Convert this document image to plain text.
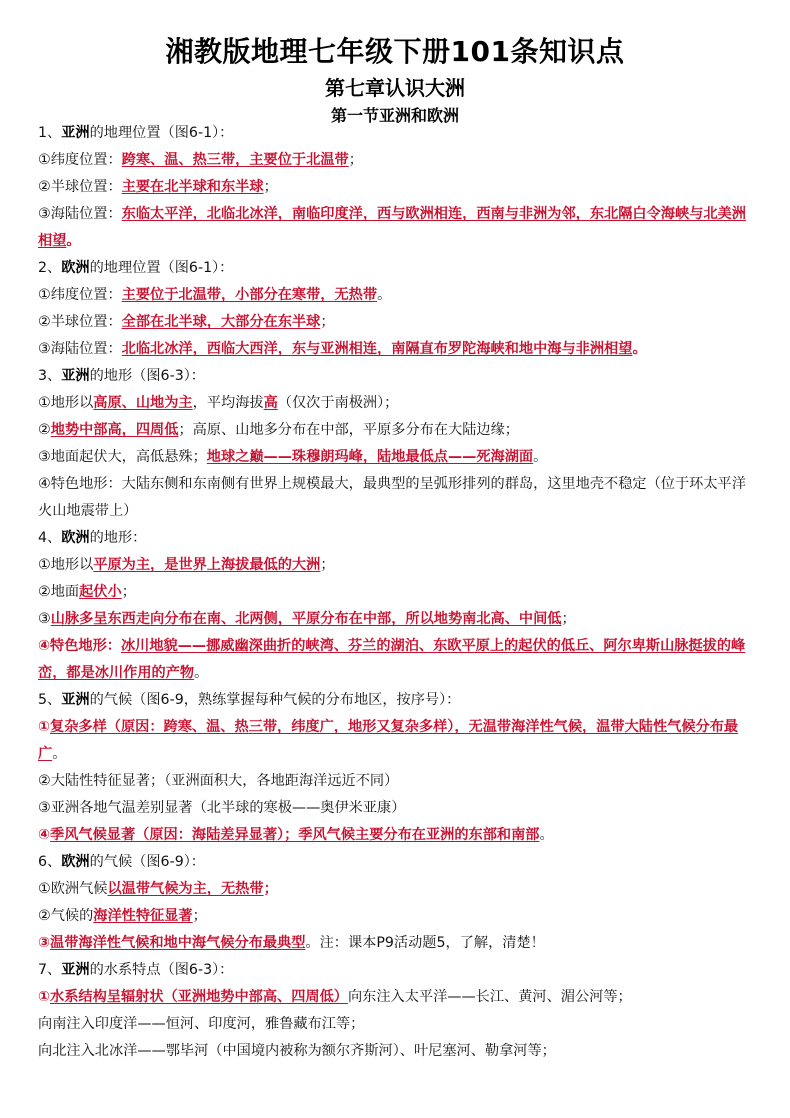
湘教版地理七年级下册101条知识点
第七章认识大洲
第一节亚洲和欧洲
1、亚洲的地理位置（图6-1）：
①纬度位置：跨寒、温、热三带，主要位于北温带；
②半球位置：主要在北半球和东半球；
③海陆位置：东临太平洋，北临北冰洋，南临印度洋，西与欧洲相连，西南与非洲为邻，东北隔白令海峡与北美洲相望。
2、欧洲的地理位置（图6-1）：
①纬度位置：主要位于北温带，小部分在寒带，无热带。
②半球位置：全部在北半球，大部分在东半球；
③海陆位置：北临北冰洋，西临大西洋，东与亚洲相连，南隔直布罗陀海峡和地中海与非洲相望。
3、亚洲的地形（图6-3）：
①地形以高原、山地为主，平均海拔高（仅次于南极洲）；
②地势中部高，四周低；高原、山地多分布在中部，平原多分布在大陆边缘；
③地面起伏大，高低悬殊；地球之巅——珠穆朗玛峰，陆地最低点——死海湖面。
④特色地形：大陆东侧和东南侧有世界上规模最大，最典型的呈弧形排列的群岛，这里地壳不稳定（位于环太平洋火山地震带上）
4、欧洲的地形：
①地形以平原为主，是世界上海拔最低的大洲；
②地面起伏小；
③山脉多呈东西走向分布在南、北两侧，平原分布在中部，所以地势南北高、中间低；
④特色地形：冰川地貌——挪威幽深曲折的峡湾、芬兰的湖泊、东欧平原上的起伏的低丘、阿尔卑斯山脉挺拔的峰峦，都是冰川作用的产物。
5、亚洲的气候（图6-9，熟练掌握每种气候的分布地区，按序号）：
①复杂多样（原因：跨寒、温、热三带，纬度广，地形又复杂多样），无温带海洋性气候，温带大陆性气候分布最广。
②大陆性特征显著；（亚洲面积大，各地距海洋远近不同）
③亚洲各地气温差别显著（北半球的寒极——奥伊米亚康）
④季风气候显著（原因：海陆差异显著）；季风气候主要分布在亚洲的东部和南部。
6、欧洲的气候（图6-9）：
①欧洲气候以温带气候为主，无热带；
②气候的海洋性特征显著；
③温带海洋性气候和地中海气候分布最典型。注：课本P9活动题5，了解，清楚！
7、亚洲的水系特点（图6-3）：
①水系结构呈辐射状（亚洲地势中部高、四周低）向东注入太平洋——长江、黄河、湄公河等；
向南注入印度洋——恒河、印度河，雅鲁藏布江等；
向北注入北冰洋——鄂毕河（中国境内被称为额尔齐斯河）、叶尼塞河、勒拿河等；
